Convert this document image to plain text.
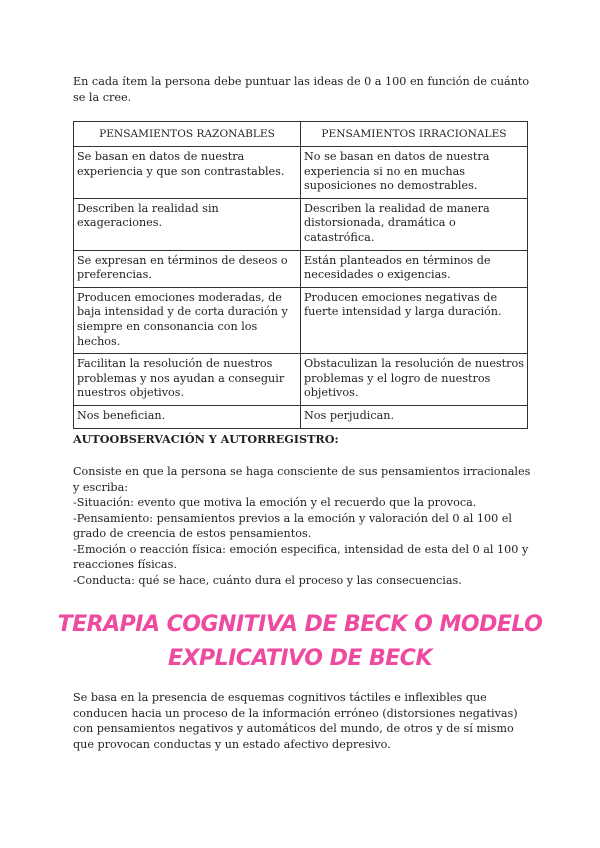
En cada ítem la persona debe puntuar las ideas de 0 a 100 en función de cuánto se la cree.

PENSAMIENTOS RAZONABLES	PENSAMIENTOS IRRACIONALES
Se basan en datos de nuestra experiencia y que son contrastables.	No se basan en datos de nuestra experiencia si no en muchas suposiciones no demostrables.
Describen la realidad sin exageraciones.	Describen la realidad de manera distorsionada, dramática o catastrófica.
Se expresan en términos de deseos o preferencias.	Están planteados en términos de necesidades o exigencias.
Producen emociones moderadas, de baja intensidad y de corta duración y siempre en consonancia con los hechos.	Producen emociones negativas de fuerte intensidad y larga duración.
Facilitan la resolución de nuestros problemas y nos ayudan a conseguir nuestros objetivos.	Obstaculizan la resolución de nuestros problemas y el logro de nuestros objetivos.
Nos benefician.	Nos perjudican.
AUTOOBSERVACIÓN Y AUTORREGISTRO:
Consiste en que la persona se haga consciente de sus pensamientos irracionales y escriba:
-Situación: evento que motiva la emoción y el recuerdo que la provoca.
-Pensamiento: pensamientos previos a la emoción y valoración del 0 al 100 el grado de creencia de estos pensamientos.
-Emoción o reacción física: emoción especifica, intensidad de esta del 0 al 100 y reacciones físicas.
-Conducta: qué se hace, cuánto dura el proceso y las consecuencias.
TERAPIA COGNITIVA DE BECK O MODELO
EXPLICATIVO DE BECK

Se basa en la presencia de esquemas cognitivos táctiles e inflexibles que conducen hacia un proceso de la información erróneo (distorsiones negativas) con pensamientos negativos y automáticos del mundo, de otros y de sí mismo que provocan conductas y un estado afectivo depresivo.
